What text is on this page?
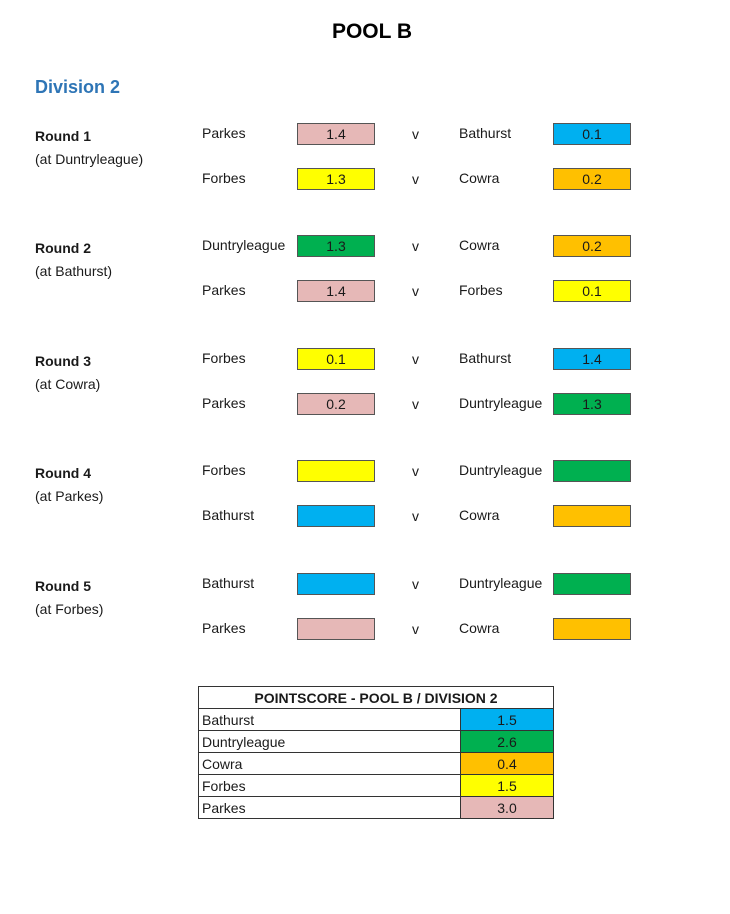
POOL B
Division 2
Round 1
(at Duntryleague)
Parkes	1.4	v	Bathurst	0.1
Forbes	1.3	v	Cowra	0.2
Round 2
(at Bathurst)
Duntryleague	1.3	v	Cowra	0.2
Parkes	1.4	v	Forbes	0.1
Round 3
(at Cowra)
Forbes	0.1	v	Bathurst	1.4
Parkes	0.2	v	Duntryleague	1.3
Round 4
(at Parkes)
Forbes	v	Duntryleague
Bathurst	v	Cowra
Round 5
(at Forbes)
Bathurst	v	Duntryleague
Parkes	v	Cowra
POINTSCORE - POOL B / DIVISION 2	
Bathurst	1.5
Duntryleague	2.6
Cowra	0.4
Forbes	1.5
Parkes	3.0
